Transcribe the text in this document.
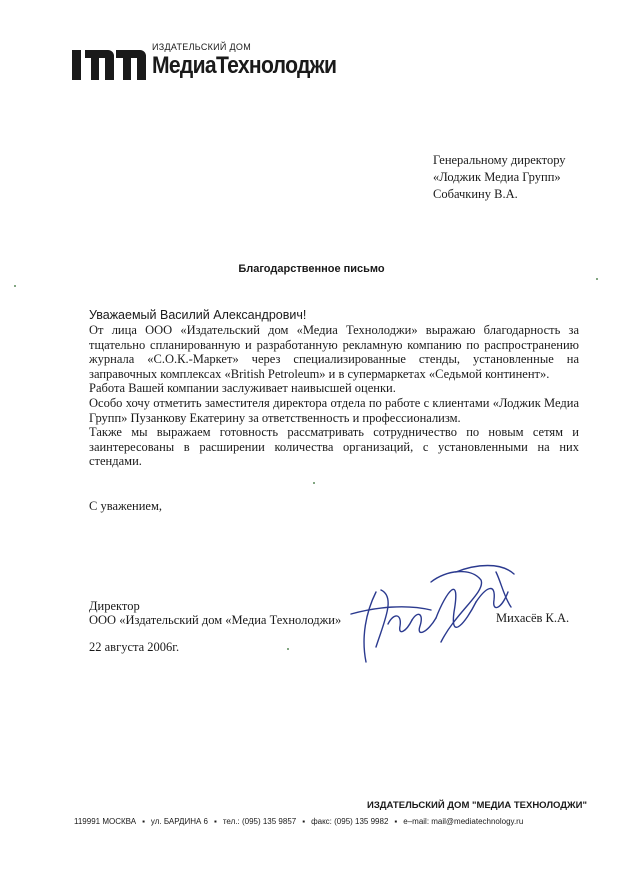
ИЗДАТЕЛЬСКИЙ ДОМ
МедиаТехнолоджи
Генеральному директору
«Лоджик Медиа Групп»
Собачкину В.А.
Благодарственное письмо
Уважаемый Василий Александрович!

От лица ООО «Издательский дом «Медиа Технолоджи» выражаю благодарность за тщательно спланированную и разработанную рекламную компанию по распространению журнала «С.О.К.-Маркет» через специализированные стенды, установленные на заправочных комплексах «British Petroleum» и в супермаркетах «Седьмой континент».

Работа Вашей компании заслуживает наивысшей оценки.

Особо хочу отметить заместителя директора отдела по работе с клиентами «Лоджик Медиа Групп» Пузанкову Екатерину за ответственность и профессионализм.

Также мы выражаем готовность рассматривать сотрудничество по новым сетям и заинтересованы в расширении количества организаций, с установленными на них стендами.

С уважением,
Директор
ООО «Издательский дом «Медиа Технолоджи»	Михасёв К.А.
22 августа 2006г.
ИЗДАТЕЛЬСКИЙ ДОМ "МЕДИА ТЕХНОЛОДЖИ"
119991 МОСКВА ▪ ул. БАРДИНА 6 ▪ тел.: (095) 135 9857 ▪ факс: (095) 135 9982 ▪ e–mail: mail@mediatechnology.ru
